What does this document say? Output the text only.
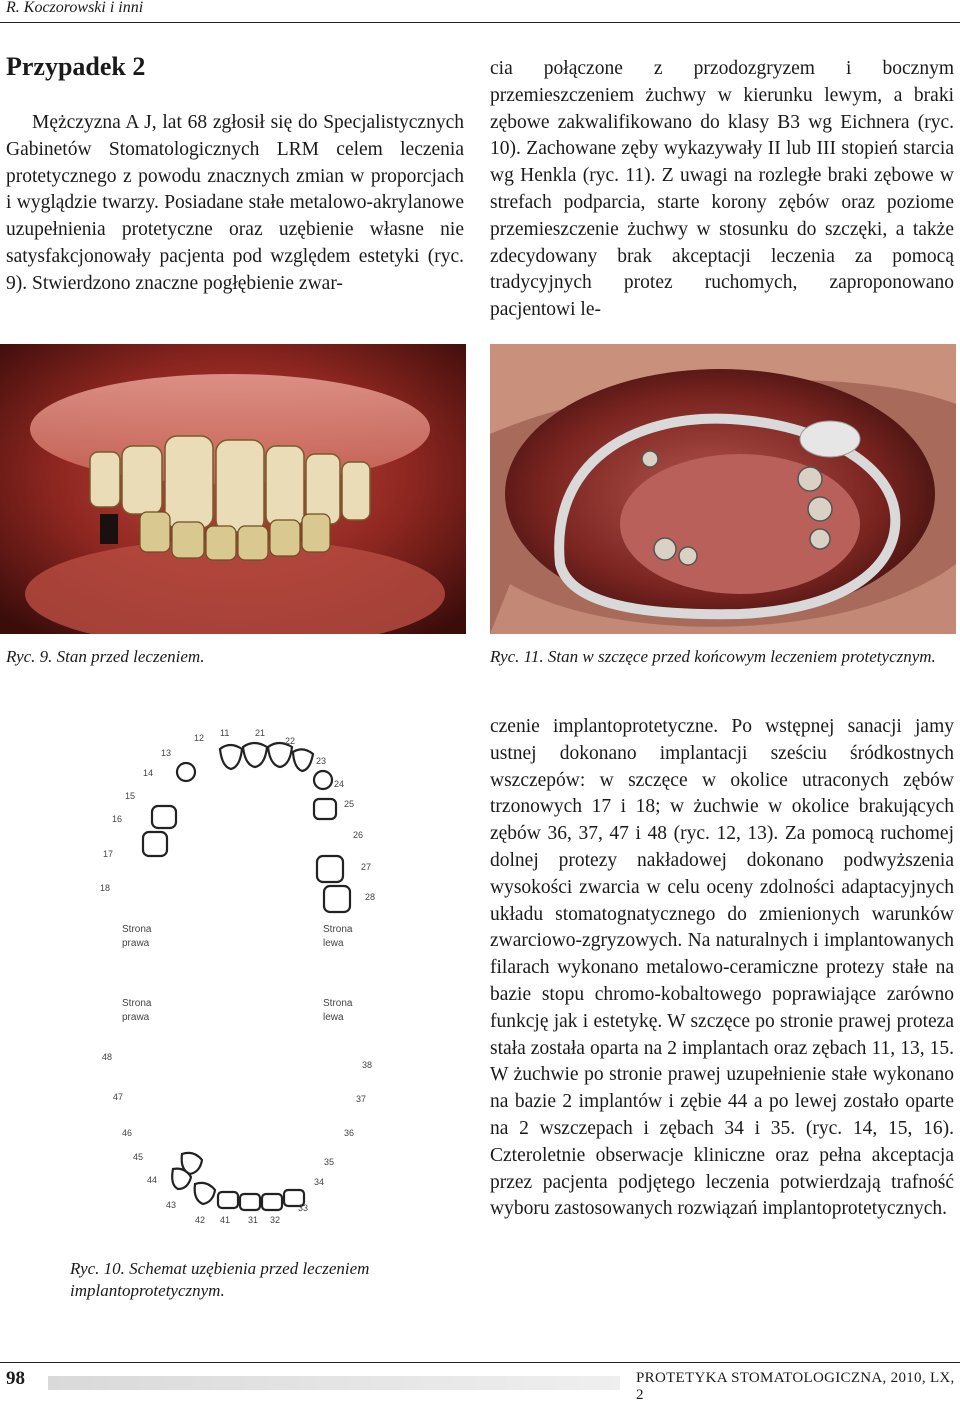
R. Koczorowski i inni
Przypadek 2

Mężczyzna A J, lat 68 zgłosił się do Specjalistycznych Gabinetów Stomatologicznych LRM celem leczenia protetycznego z powodu znacznych zmian w proporcjach i wyglądzie twarzy. Posiadane stałe metalowo-akrylanowe uzupełnienia protetyczne oraz uzębienie własne nie satysfakcjonowały pacjenta pod względem estetyki (ryc. 9). Stwierdzono znaczne pogłębienie zwar-

cia połączone z przodozgryzem i bocznym przemieszczeniem żuchwy w kierunku lewym, a braki zębowe zakwalifikowano do klasy B3 wg Eichnera (ryc. 10). Zachowane zęby wykazywały II lub III stopień starcia wg Henkla (ryc. 11). Z uwagi na rozległe braki zębowe w strefach podparcia, starte korony zębów oraz poziome przemieszczenie żuchwy w stosunku do szczęki, a także zdecydowany brak akceptacji leczenia za pomocą tradycyjnych protez ruchomych, zaproponowano pacjentowi le-

Ryc. 9. Stan przed leczeniem.	Ryc. 11. Stan w szczęce przed końcowym leczeniem protetycznym.
11
12
13
14
15
16
17
18
21
22
23
24
25
26
27
28
38
37
36
35
34
33
32
31
48
47
46
45
44
43
42 41
Strona
prawa
Strona
lewa
Strona
prawa
Strona
lewa
Ryc. 10. Schemat uzębienia przed leczeniem implantoprotetycznym.

czenie implantoprotetyczne. Po wstępnej sanacji jamy ustnej dokonano implantacji sześciu śródkostnych wszczepów: w szczęce w okolice utraconych zębów trzonowych 17 i 18; w żuchwie w okolice brakujących zębów 36, 37, 47 i 48 (ryc. 12, 13). Za pomocą ruchomej dolnej protezy nakładowej dokonano podwyższenia wysokości zwarcia w celu oceny zdolności adaptacyjnych układu stomatognatycznego do zmienionych warunków zwarciowo-zgryzowych. Na naturalnych i implantowanych filarach wykonano metalowo-ceramiczne protezy stałe na bazie stopu chromo-kobaltowego poprawiające zarówno funkcję jak i estetykę. W szczęce po stronie prawej proteza stała została oparta na 2 implantach oraz zębach 11, 13, 15. W żuchwie po stronie prawej uzupełnienie stałe wykonano na bazie 2 implantów i zębie 44 a po lewej zostało oparte na 2 wszczepach i zębach 34 i 35. (ryc. 14, 15, 16). Czteroletnie obserwacje kliniczne oraz pełna akceptacja przez pacjenta podjętego leczenia potwierdzają trafność wyboru zastosowanych rozwiązań implantoprotetycznych.

98	PROTETYKA STOMATOLOGICZNA, 2010, LX, 2
